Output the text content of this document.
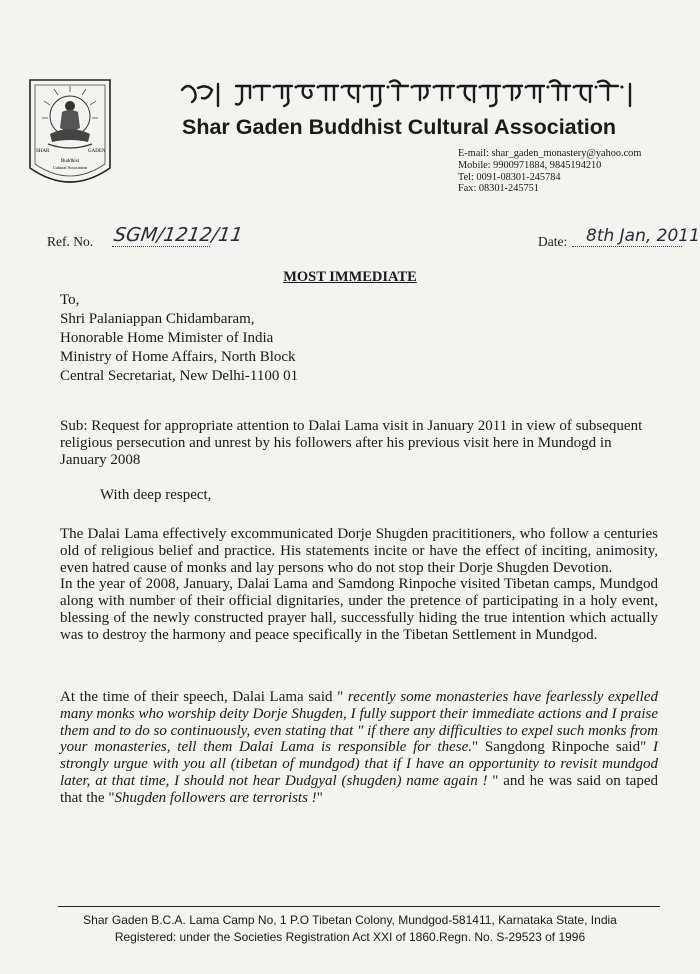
SHAR	GADEN
Buddhist
Cultural Association
Shar Gaden Buddhist Cultural Association
E-mail: shar_gaden_monastery@yahoo.com
Mobile: 9900971884, 9845194210
Tel: 0091-08301-245784
Fax: 08301-245751
Ref. No. SGM/1212/11	Date: 8th Jan, 2011
MOST IMMEDIATE
To,
Shri Palaniappan Chidambaram,
Honorable Home Mimister of India
Ministry of Home Affairs, North Block
Central Secretariat, New Delhi-1100 01
Sub: Request for appropriate attention to Dalai Lama visit in January 2011 in view of subsequent religious persecution and unrest by his followers after his previous visit here in Mundogd in January 2008
With deep respect,

The Dalai Lama effectively excommunicated Dorje Shugden pracititioners, who follow a centuries old of religious belief and practice. His statements incite or have the effect of inciting, animosity, even hatred cause of monks and lay persons who do not stop their Dorje Shugden Devotion.

In the year of 2008, January, Dalai Lama and Samdong Rinpoche visited Tibetan camps, Mundgod along with number of their official dignitaries, under the pretence of participating in a holy event, blessing of the newly constructed prayer hall, successfully hiding the true intention which actually was to destroy the harmony and peace specifically in the Tibetan Settlement in Mundgod.

At the time of their speech, Dalai Lama said " recently some monasteries have fearlessly expelled many monks who worship deity Dorje Shugden, I fully support their immediate actions and I praise them and to do so continuously, even stating that " if there any difficulties to expel such monks from your monasteries, tell them Dalai Lama is responsible for these." Sangdong Rinpoche said" I strongly urgue with you all (tibetan of mundgod) that if I have an opportunity to revisit mundgod later, at that time, I should not hear Dudgyal (shugden) name again ! " and he was said on taped that the "Shugden followers are terrorists !"
Shar Gaden B.C.A. Lama Camp No, 1 P.O Tibetan Colony, Mundgod-581411, Karnataka State, India
Registered: under the Societies Registration Act XXI of 1860.Regn. No. S-29523 of 1996
